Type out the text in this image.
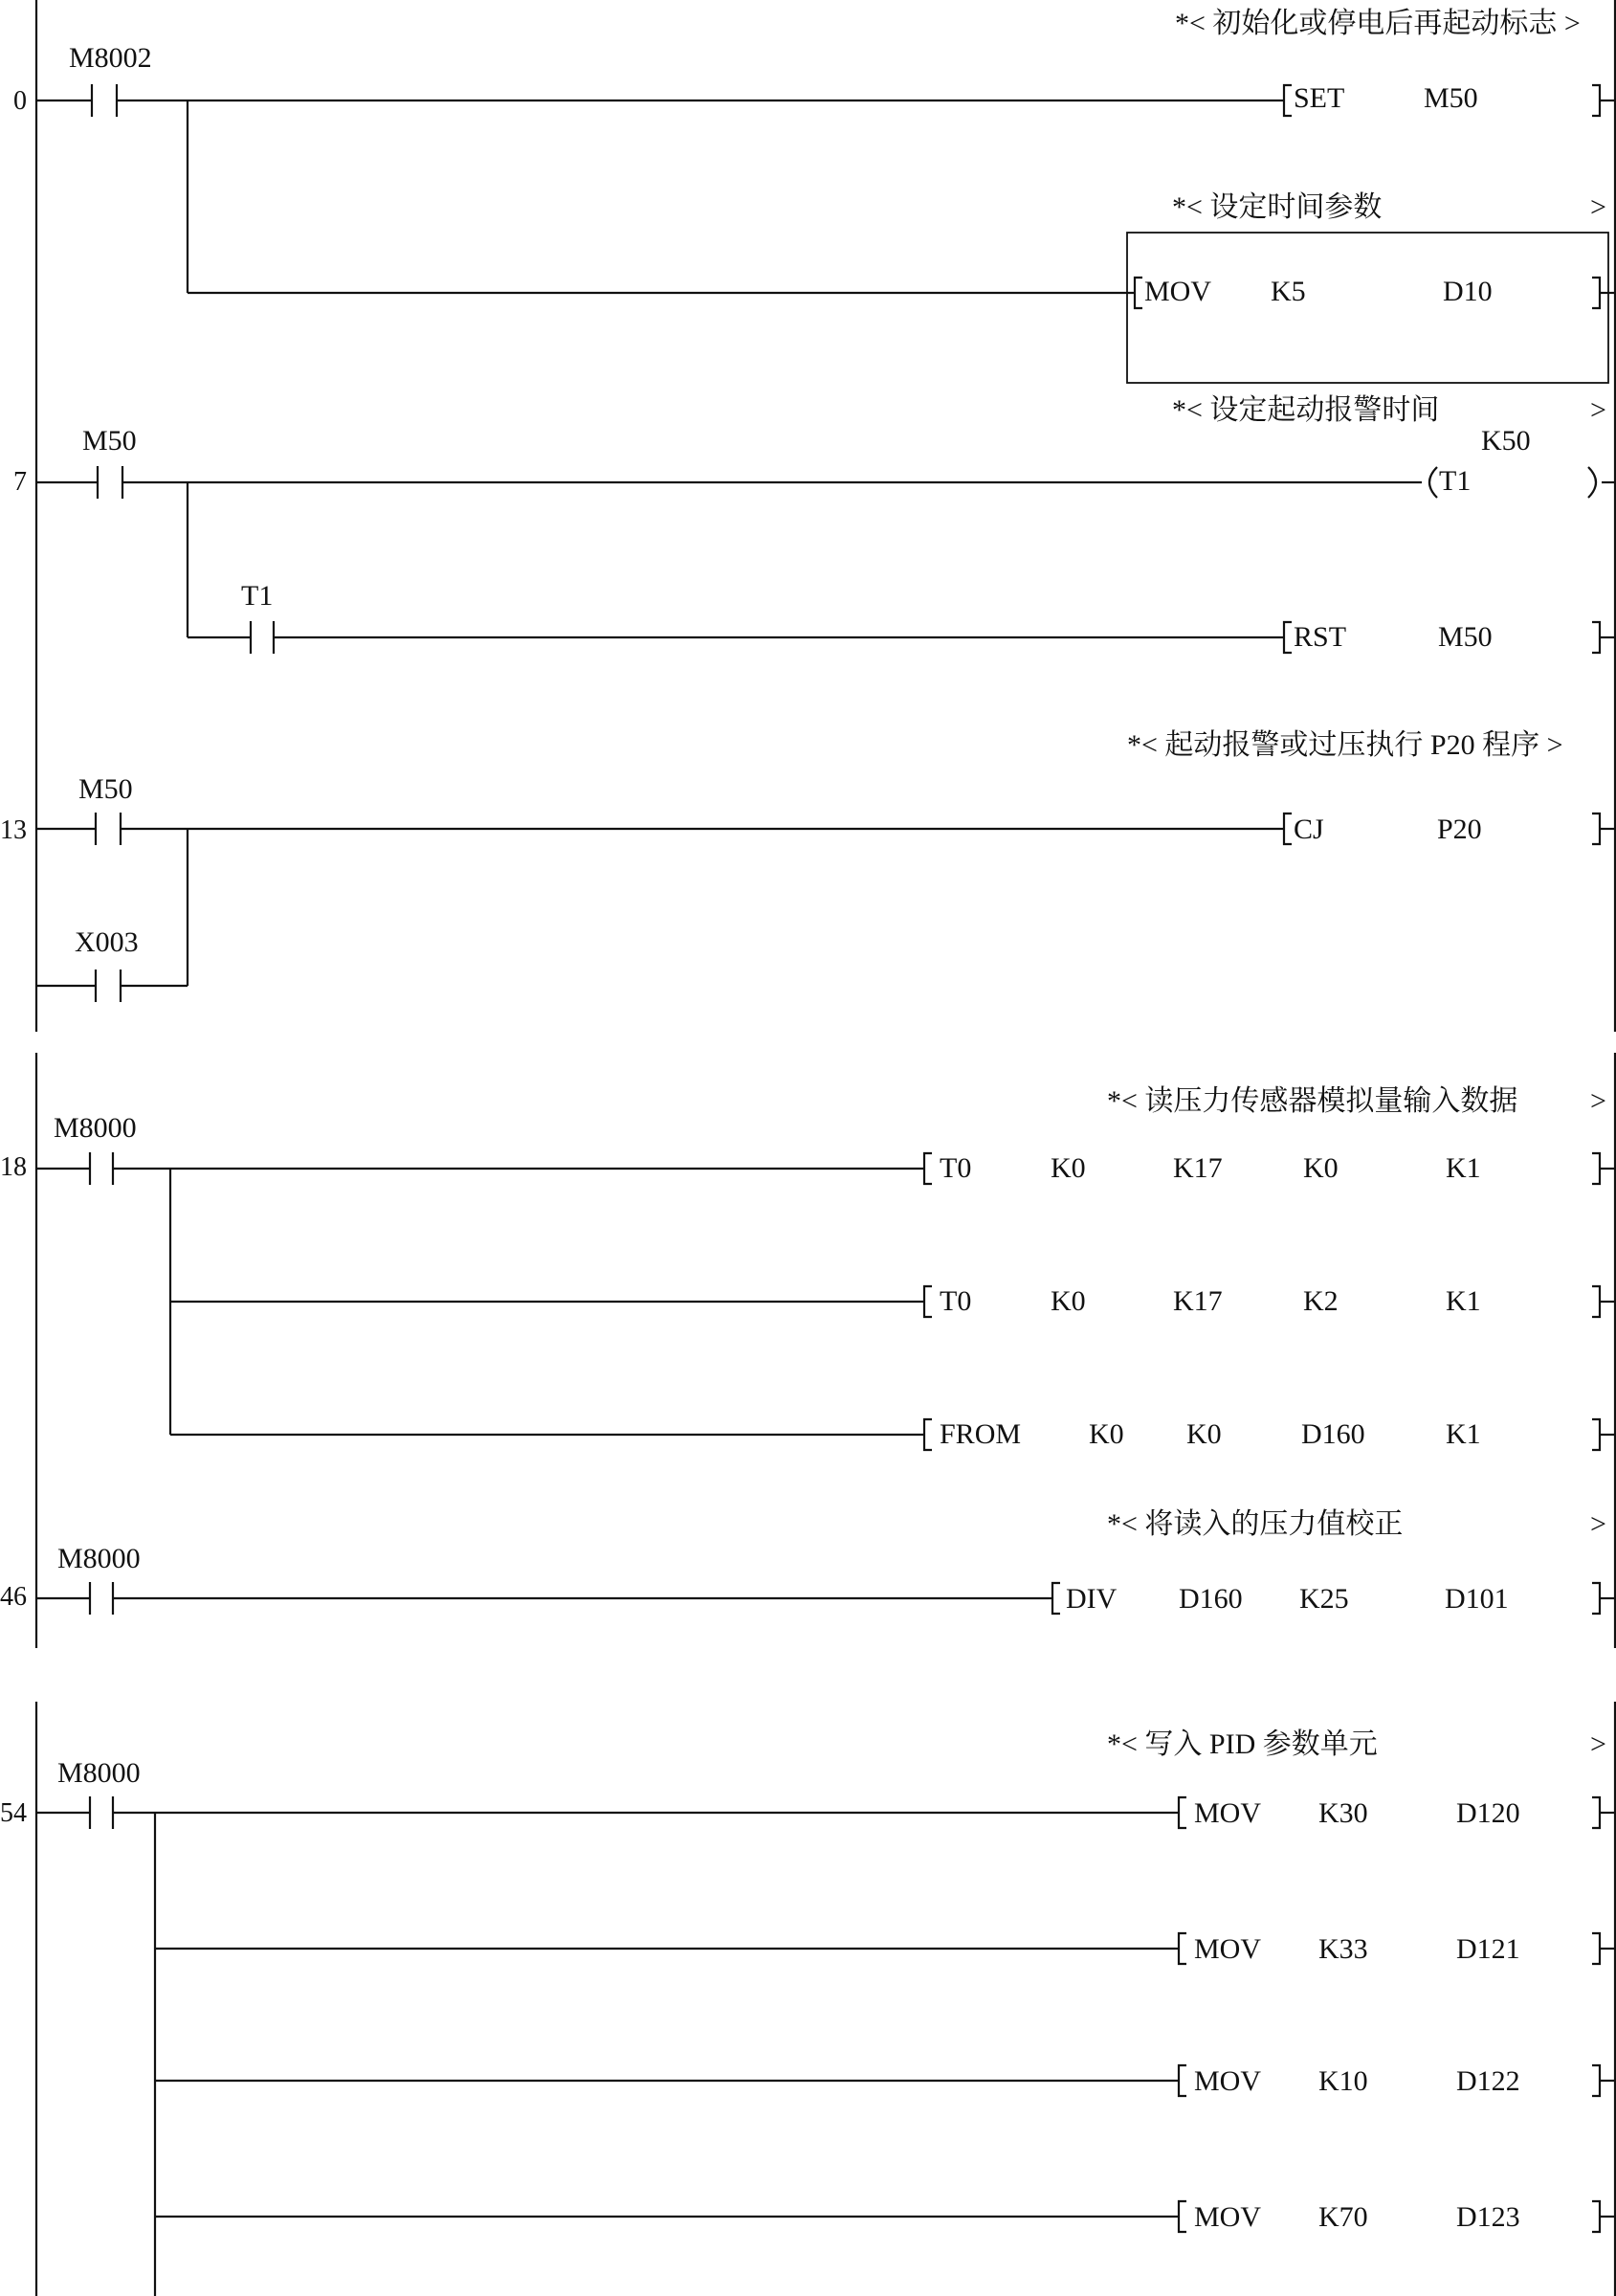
*< 初始化或停电后再起动标志 >
0
M8002
SET	M50
*< 设定时间参数	>
MOV K5	D10
*< 设定起动报警时间	>
7
M50	K50
T1
T1
RST	M50
*< 起动报警或过压执行 P20 程序 >
13
M50
X003
CJ	P20
*< 读压力传感器模拟量输入数据	>
18
M8000
T0	K0	K17	K0	K1
T0	K0	K17	K2	K1
FROM K0 K0	D160	K1
*< 将读入的压力值校正	>
46
M8000
DIV D160 K25	D101
*< 写入 PID 参数单元	>
54
M8000
MOV K30	D120
MOV K33	D121
MOV K10	D122
MOV K70	D123
